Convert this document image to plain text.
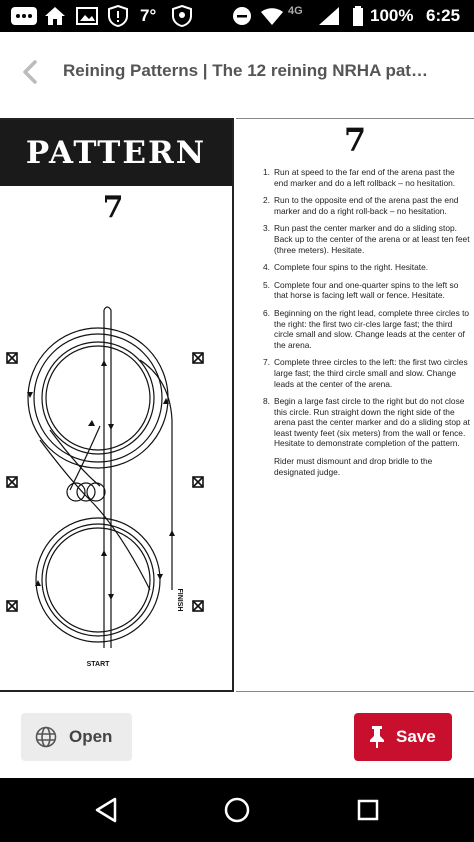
7°	4G	100% 6:25
Reining Patterns | The 12 reining NRHA pat…
PATTERN
7
START
FINISH
7
1. Run at speed to the far end of the arena past the end marker and do a left rollback – no hesitation.
2. Run to the opposite end of the arena past the end marker and do a right roll-back – no hesitation.
3. Run past the center marker and do a sliding stop. Back up to the center of the arena or at least ten feet (three meters). Hesitate.
4. Complete four spins to the right. Hesitate.
5. Complete four and one-quarter spins to the left so that horse is facing left wall or fence. Hesitate.
6. Beginning on the right lead, complete three circles to the right: the first two cir-cles large fast; the third circle small and slow. Change leads at the center of the arena.
7. Complete three circles to the left: the first two circles large fast; the third circle small and slow. Change leads at the center of the arena.
8. Begin a large fast circle to the right but do not close this circle. Run straight down the right side of the arena past the center marker and do a sliding stop at least twenty feet (six meters) from the wall or fence. Hesitate to demonstrate completion of the pattern.
Rider must dismount and drop bridle to the designated judge.
Open	Save
